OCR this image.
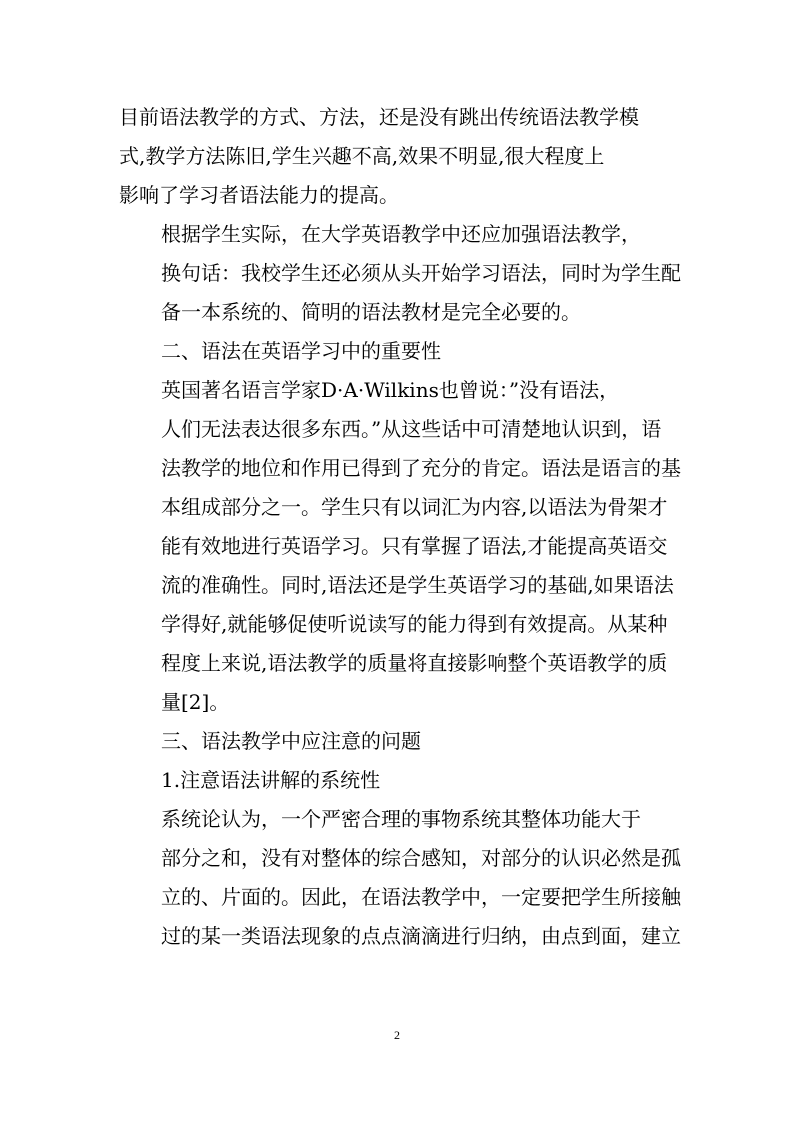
目前语法教学的方式、方法，还是没有跳出传统语法教学模
式,教学方法陈旧,学生兴趣不高,效果不明显,很大程度上
影响了学习者语法能力的提高。

根据学生实际，在大学英语教学中还应加强语法教学，
换句话：我校学生还必须从头开始学习语法，同时为学生配
备一本系统的、简明的语法教材是完全必要的。

二、语法在英语学习中的重要性

英国著名语言学家D·A·Wilkins也曾说：”没有语法，
人们无法表达很多东西。”从这些话中可清楚地认识到，语
法教学的地位和作用已得到了充分的肯定。语法是语言的基
本组成部分之一。学生只有以词汇为内容,以语法为骨架才
能有效地进行英语学习。只有掌握了语法,才能提高英语交
流的准确性。同时,语法还是学生英语学习的基础,如果语法
学得好,就能够促使听说读写的能力得到有效提高。从某种
程度上来说,语法教学的质量将直接影响整个英语教学的质
量[2]。

三、语法教学中应注意的问题

1.注意语法讲解的系统性

系统论认为，一个严密合理的事物系统其整体功能大于
部分之和，没有对整体的综合感知，对部分的认识必然是孤
立的、片面的。因此，在语法教学中，一定要把学生所接触
过的某一类语法现象的点点滴滴进行归纳，由点到面，建立

2
